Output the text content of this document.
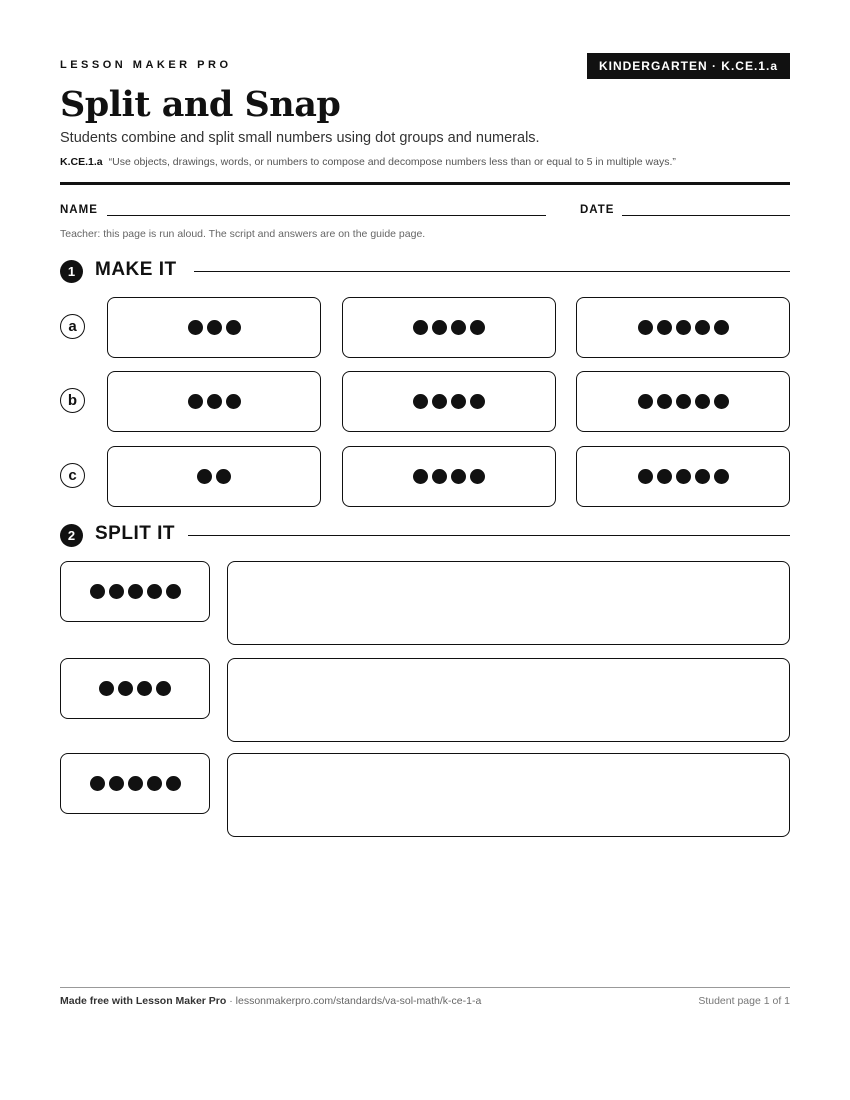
LESSON MAKER PRO	KINDERGARTEN · K.CE.1.a
Split and Snap
Students combine and split small numbers using dot groups and numerals.
K.CE.1.a “Use objects, drawings, words, or numbers to compose and decompose numbers less than or equal to 5 in multiple ways.”
NAME	DATE
Teacher: this page is run aloud. The script and answers are on the guide page.
1	MAKE IT
a
b
c
2	SPLIT IT
Made free with Lesson Maker Pro · lessonmakerpro.com/standards/va-sol-math/k-ce-1-a	Student page 1 of 1
